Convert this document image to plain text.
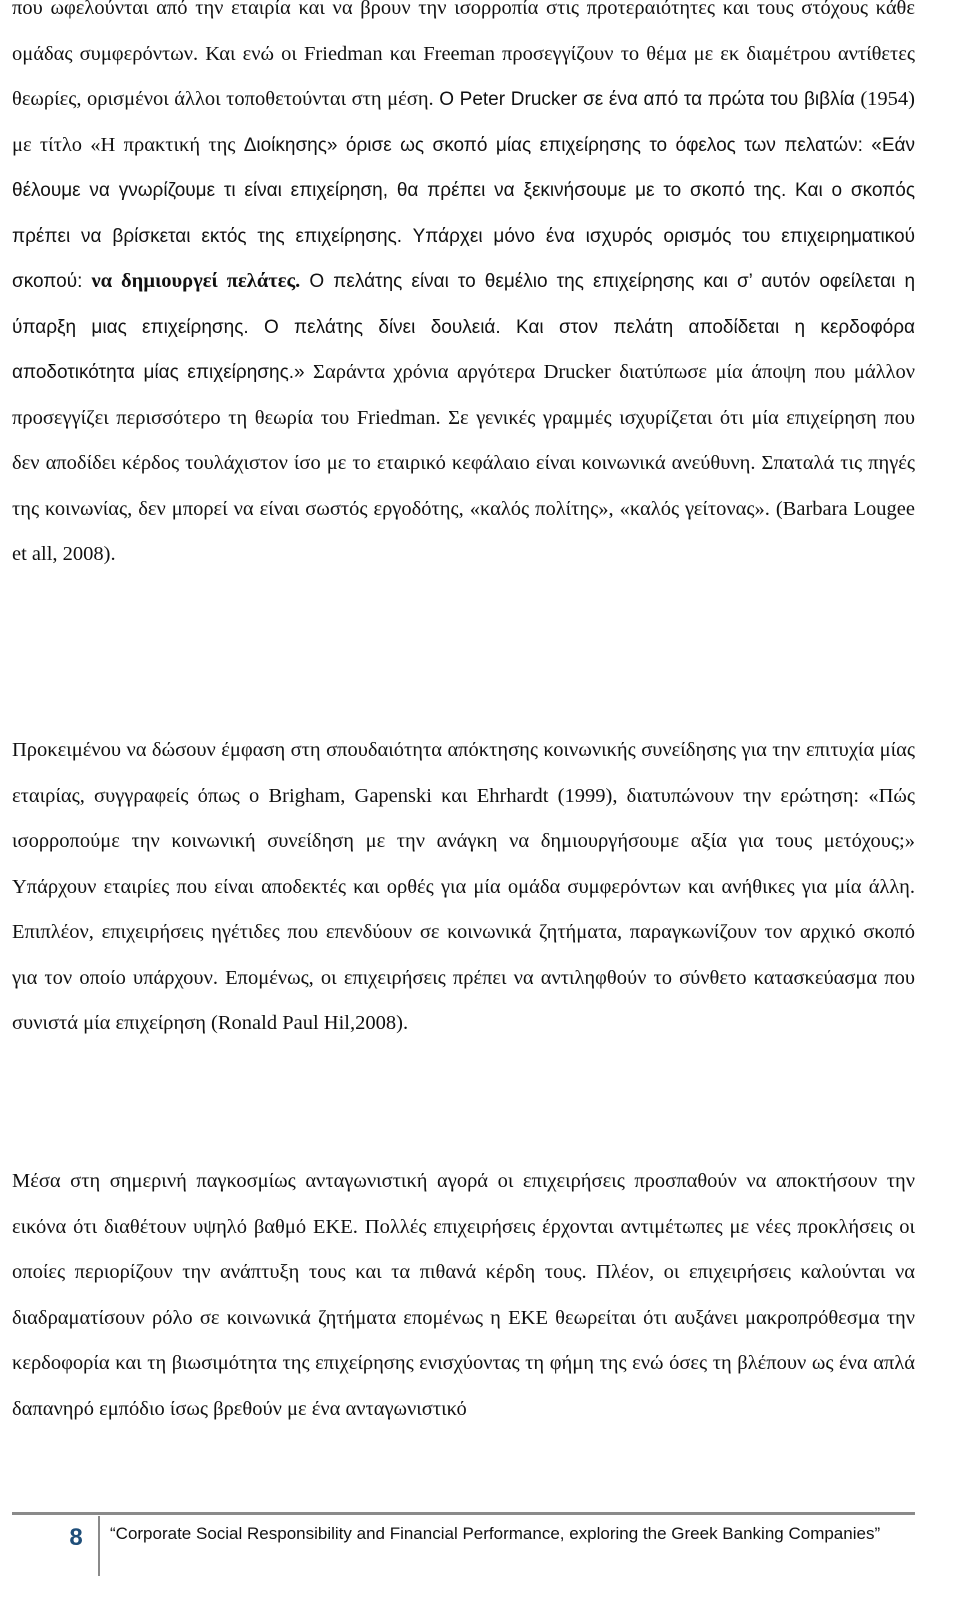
που ωφελούνται από την εταιρία και να βρουν την ισορροπία στις προτεραιότητες και τους στόχους κάθε ομάδας συμφερόντων. Και ενώ οι Friedman και Freeman προσεγγίζουν το θέμα με εκ διαμέτρου αντίθετες θεωρίες, ορισμένοι άλλοι τοποθετούνται στη μέση. Ο Peter Drucker σε ένα από τα πρώτα του βιβλία (1954) με τίτλο «Η πρακτική της Διοίκησης» όρισε ως σκοπό μίας επιχείρησης το όφελος των πελατών: «Εάν θέλουμε να γνωρίζουμε τι είναι επιχείρηση, θα πρέπει να ξεκινήσουμε με το σκοπό της. Και ο σκοπός πρέπει να βρίσκεται εκτός της επιχείρησης. Υπάρχει μόνο ένα ισχυρός ορισμός του επιχειρηματικού σκοπού: να δημιουργεί πελάτες. Ο πελάτης είναι το θεμέλιο της επιχείρησης και σ’ αυτόν οφείλεται η ύπαρξη μιας επιχείρησης. Ο πελάτης δίνει δουλειά. Και στον πελάτη αποδίδεται η κερδοφόρα αποδοτικότητα μίας επιχείρησης.» Σαράντα χρόνια αργότερα Drucker διατύπωσε μία άποψη που μάλλον προσεγγίζει περισσότερο τη θεωρία του Friedman. Σε γενικές γραμμές ισχυρίζεται ότι μία επιχείρηση που δεν αποδίδει κέρδος τουλάχιστον ίσο με το εταιρικό κεφάλαιο είναι κοινωνικά ανεύθυνη. Σπαταλά τις πηγές της κοινωνίας, δεν μπορεί να είναι σωστός εργοδότης, «καλός πολίτης», «καλός γείτονας». (Barbara Lougee et all, 2008).

Προκειμένου να δώσουν έμφαση στη σπουδαιότητα απόκτησης κοινωνικής συνείδησης για την επιτυχία μίας εταιρίας, συγγραφείς όπως ο Brigham, Gapenski και Ehrhardt (1999), διατυπώνουν την ερώτηση: «Πώς ισορροπούμε την κοινωνική συνείδηση με την ανάγκη να δημιουργήσουμε αξία για τους μετόχους;» Υπάρχουν εταιρίες που είναι αποδεκτές και ορθές για μία ομάδα συμφερόντων και ανήθικες για μία άλλη. Επιπλέον, επιχειρήσεις ηγέτιδες που επενδύουν σε κοινωνικά ζητήματα, παραγκωνίζουν τον αρχικό σκοπό για τον οποίο υπάρχουν. Επομένως, οι επιχειρήσεις πρέπει να αντιληφθούν το σύνθετο κατασκεύασμα που συνιστά μία επιχείρηση (Ronald Paul Hil,2008).

Μέσα στη σημερινή παγκοσμίως ανταγωνιστική αγορά οι επιχειρήσεις προσπαθούν να αποκτήσουν την εικόνα ότι διαθέτουν υψηλό βαθμό ΕΚΕ. Πολλές επιχειρήσεις έρχονται αντιμέτωπες με νέες προκλήσεις οι οποίες περιορίζουν την ανάπτυξη τους και τα πιθανά κέρδη τους. Πλέον, οι επιχειρήσεις καλούνται να διαδραματίσουν ρόλο σε κοινωνικά ζητήματα επομένως η ΕΚΕ θεωρείται ότι αυξάνει μακροπρόθεσμα την κερδοφορία και τη βιωσιμότητα της επιχείρησης ενισχύοντας τη φήμη της ενώ όσες τη βλέπουν ως ένα απλά δαπανηρό εμπόδιο ίσως βρεθούν με ένα ανταγωνιστικό

8	“Corporate Social Responsibility and Financial Performance, exploring the Greek Banking Companies”
